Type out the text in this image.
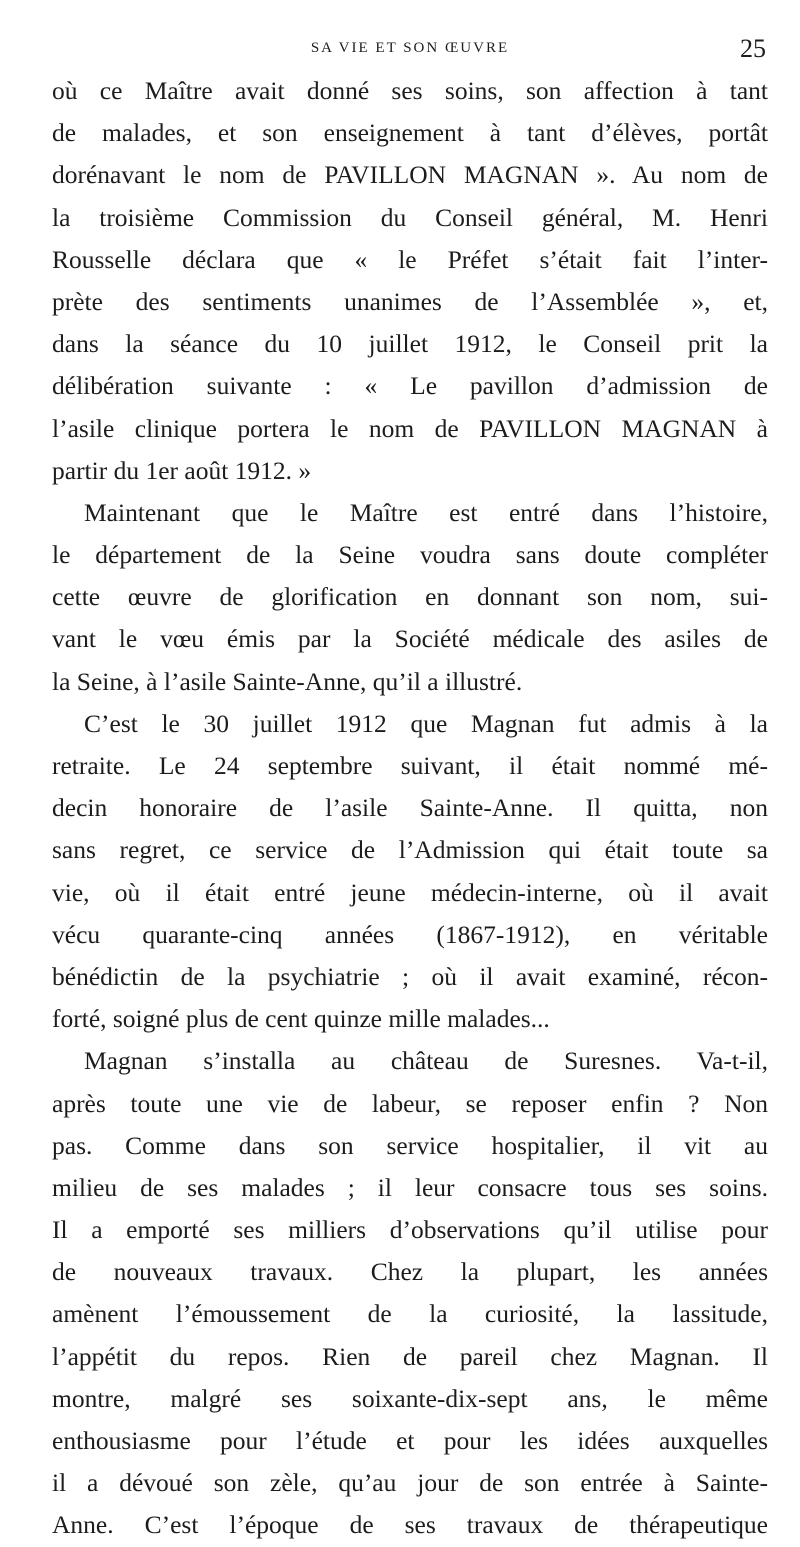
SA VIE ET SON ŒUVRE	25
où ce Maître avait donné ses soins, son affection à tant
de malades, et son enseignement à tant d’élèves, portât
dorénavant le nom de PAVILLON MAGNAN ». Au nom de
la troisième Commission du Conseil général, M. Henri
Rousselle déclara que « le Préfet s’était fait l’inter-
prète des sentiments unanimes de l’Assemblée », et,
dans la séance du 10 juillet 1912, le Conseil prit la
délibération suivante : « Le pavillon d’admission de
l’asile clinique portera le nom de PAVILLON MAGNAN à
partir du 1er août 1912. »
Maintenant que le Maître est entré dans l’histoire,
le département de la Seine voudra sans doute compléter
cette œuvre de glorification en donnant son nom, sui-
vant le vœu émis par la Société médicale des asiles de
la Seine, à l’asile Sainte-Anne, qu’il a illustré.
C’est le 30 juillet 1912 que Magnan fut admis à la
retraite. Le 24 septembre suivant, il était nommé mé-
decin honoraire de l’asile Sainte-Anne. Il quitta, non
sans regret, ce service de l’Admission qui était toute sa
vie, où il était entré jeune médecin-interne, où il avait
vécu quarante-cinq années (1867-1912), en véritable
bénédictin de la psychiatrie ; où il avait examiné, récon-
forté, soigné plus de cent quinze mille malades...
Magnan s’installa au château de Suresnes. Va-t-il,
après toute une vie de labeur, se reposer enfin ? Non
pas. Comme dans son service hospitalier, il vit au
milieu de ses malades ; il leur consacre tous ses soins.
Il a emporté ses milliers d’observations qu’il utilise pour
de nouveaux travaux. Chez la plupart, les années
amènent l’émoussement de la curiosité, la lassitude,
l’appétit du repos. Rien de pareil chez Magnan. Il
montre, malgré ses soixante-dix-sept ans, le même
enthousiasme pour l’étude et pour les idées auxquelles
il a dévoué son zèle, qu’au jour de son entrée à Sainte-
Anne. C’est l’époque de ses travaux de thérapeutique
